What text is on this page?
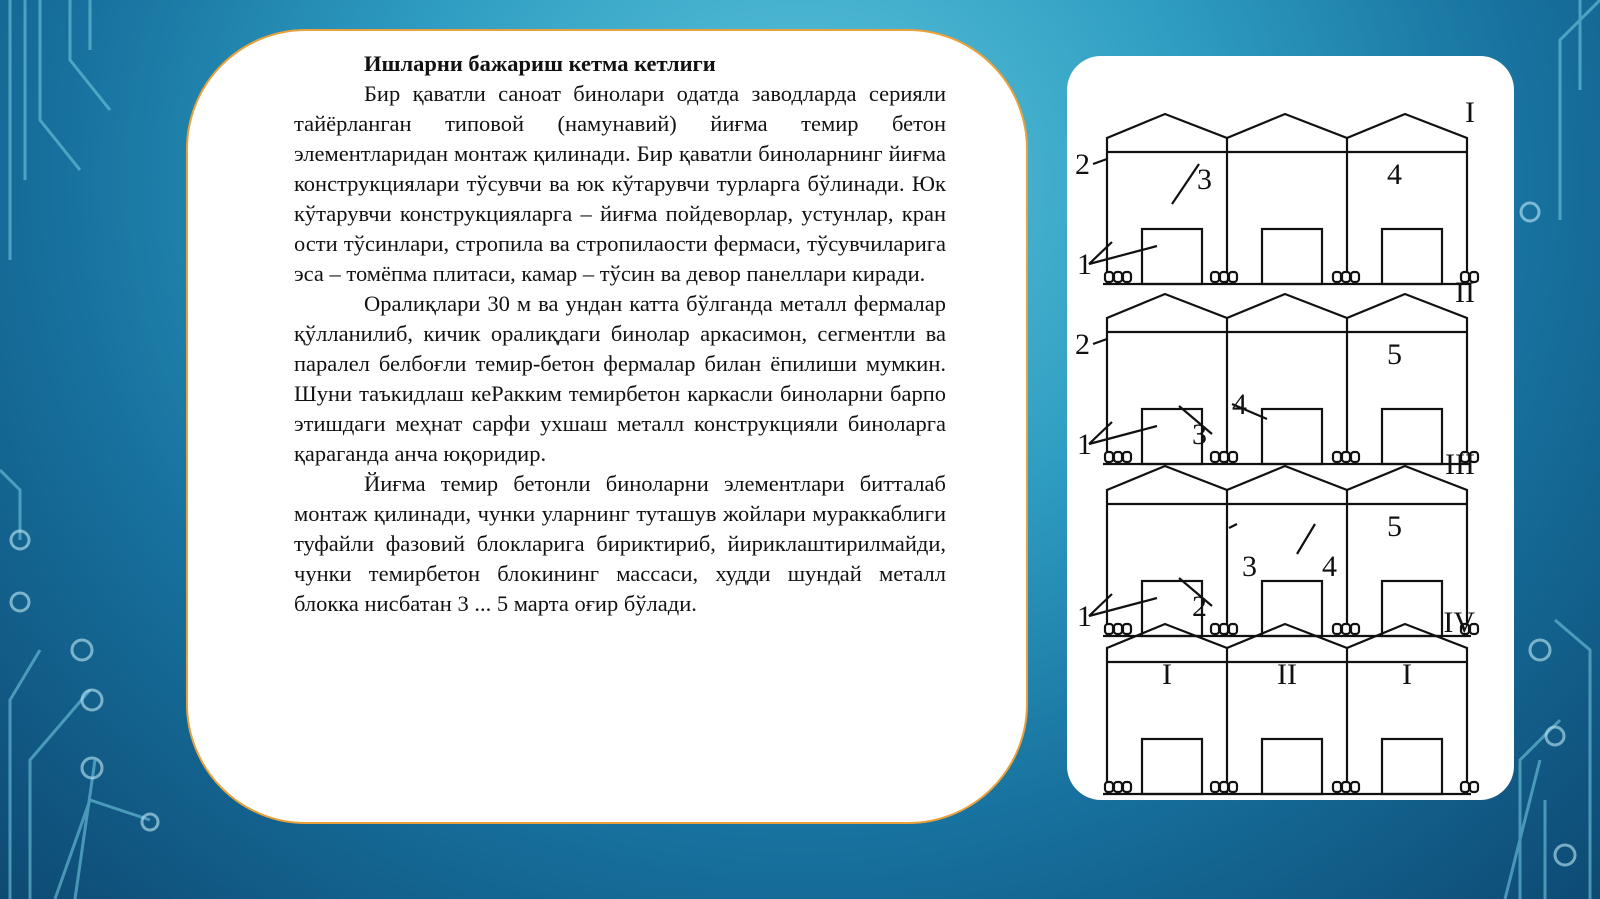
Ишларни бажариш кетма кетлиги

Бир қаватли саноат бинолари одатда заводларда серияли тайёрланган типовой (намунавий) йиғма темир бетон элементларидан монтаж қилинади. Бир қаватли биноларнинг йиғма конструкциялари тўсувчи ва юк кўтарувчи турларга бўлинади. Юк кўтарувчи конструкцияларга – йиғма пойдеворлар, устунлар, кран ости тўсинлари, стропила ва стропилаости фермаси, тўсувчиларига эса – томёпма плитаси, камар – тўсин ва девор панеллари киради.

Оралиқлари 30 м ва ундан катта бўлганда металл фермалар қўлланилиб, кичик оралиқдаги бинолар аркасимон, сегментли ва паралел белбоғли темир-бетон фермалар билан ёпилиши мумкин. Шуни таъкидлаш кеРакким темирбетон каркасли биноларни барпо этишдаги меҳнат сарфи ухшаш металл конструкцияли биноларга қараганда анча юқоридир.

Йиғма темир бетонли биноларни элементлари битталаб монтаж қилинади, чунки уларнинг туташув жойлари мураккаблиги туфайли фазовий блокларига бириктириб, йириклаштирилмайди, чунки темирбетон блокининг массаси, худди шундай металл блокка нисбатан 3 ... 5 марта оғир бўлади.

I
2
1
3	4
II
2
1	3
4
5
III
1	2
3 4
5
IV
I	II	I
